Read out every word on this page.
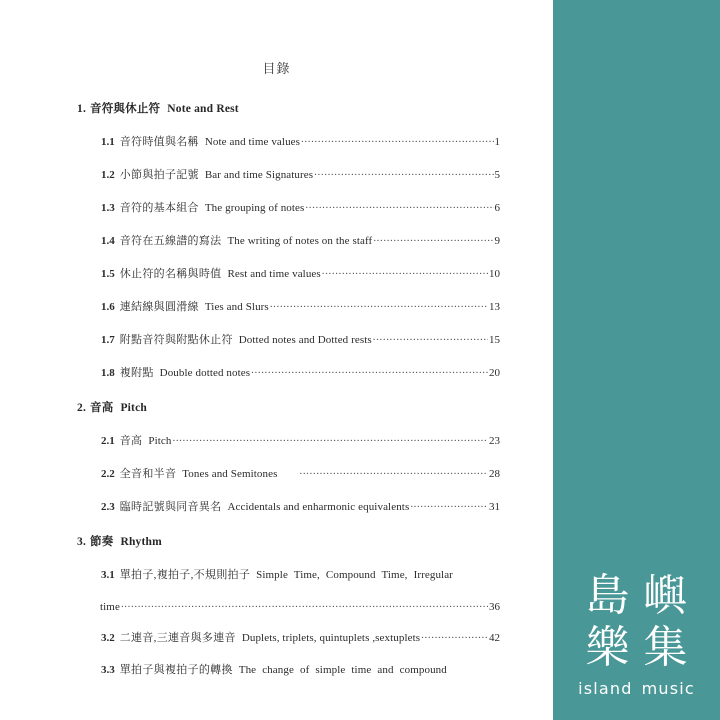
目錄
1. 音符與休止符 Note and Rest
1.1 音符時值與名稱 Note and time values .....	1
1.2 小節與拍子記號 Bar and time Signatures .....	5
1.3 音符的基本組合 The grouping of notes .....	6
1.4 音符在五線譜的寫法 The writing of notes on the staff .....	9
1.5 休止符的名稱與時值 Rest and time values .....	10
1.6 連結線與圓滑線 Ties and Slurs .....	13
1.7 附點音符與附點休止符 Dotted notes and Dotted rests .....	15
1.8 複附點 Double dotted notes .....	20
2. 音高 Pitch
2.1 音高 Pitch .....	23
2.2 全音和半音 Tones and Semitones .....	28
2.3 臨時記號與同音異名 Accidentals and enharmonic equivalents .....	31
3. 節奏 Rhythm
3.1 單拍子,複拍子,不規則拍子 Simple Time, Compound Time, Irregular
time .....	36
3.2 二連音,三連音與多連音 Duplets, triplets, quintuplets ,sextuplets .....	42
3.3 單拍子與複拍子的轉換 The change of simple time and compound
島 嶼
樂 集
island music
